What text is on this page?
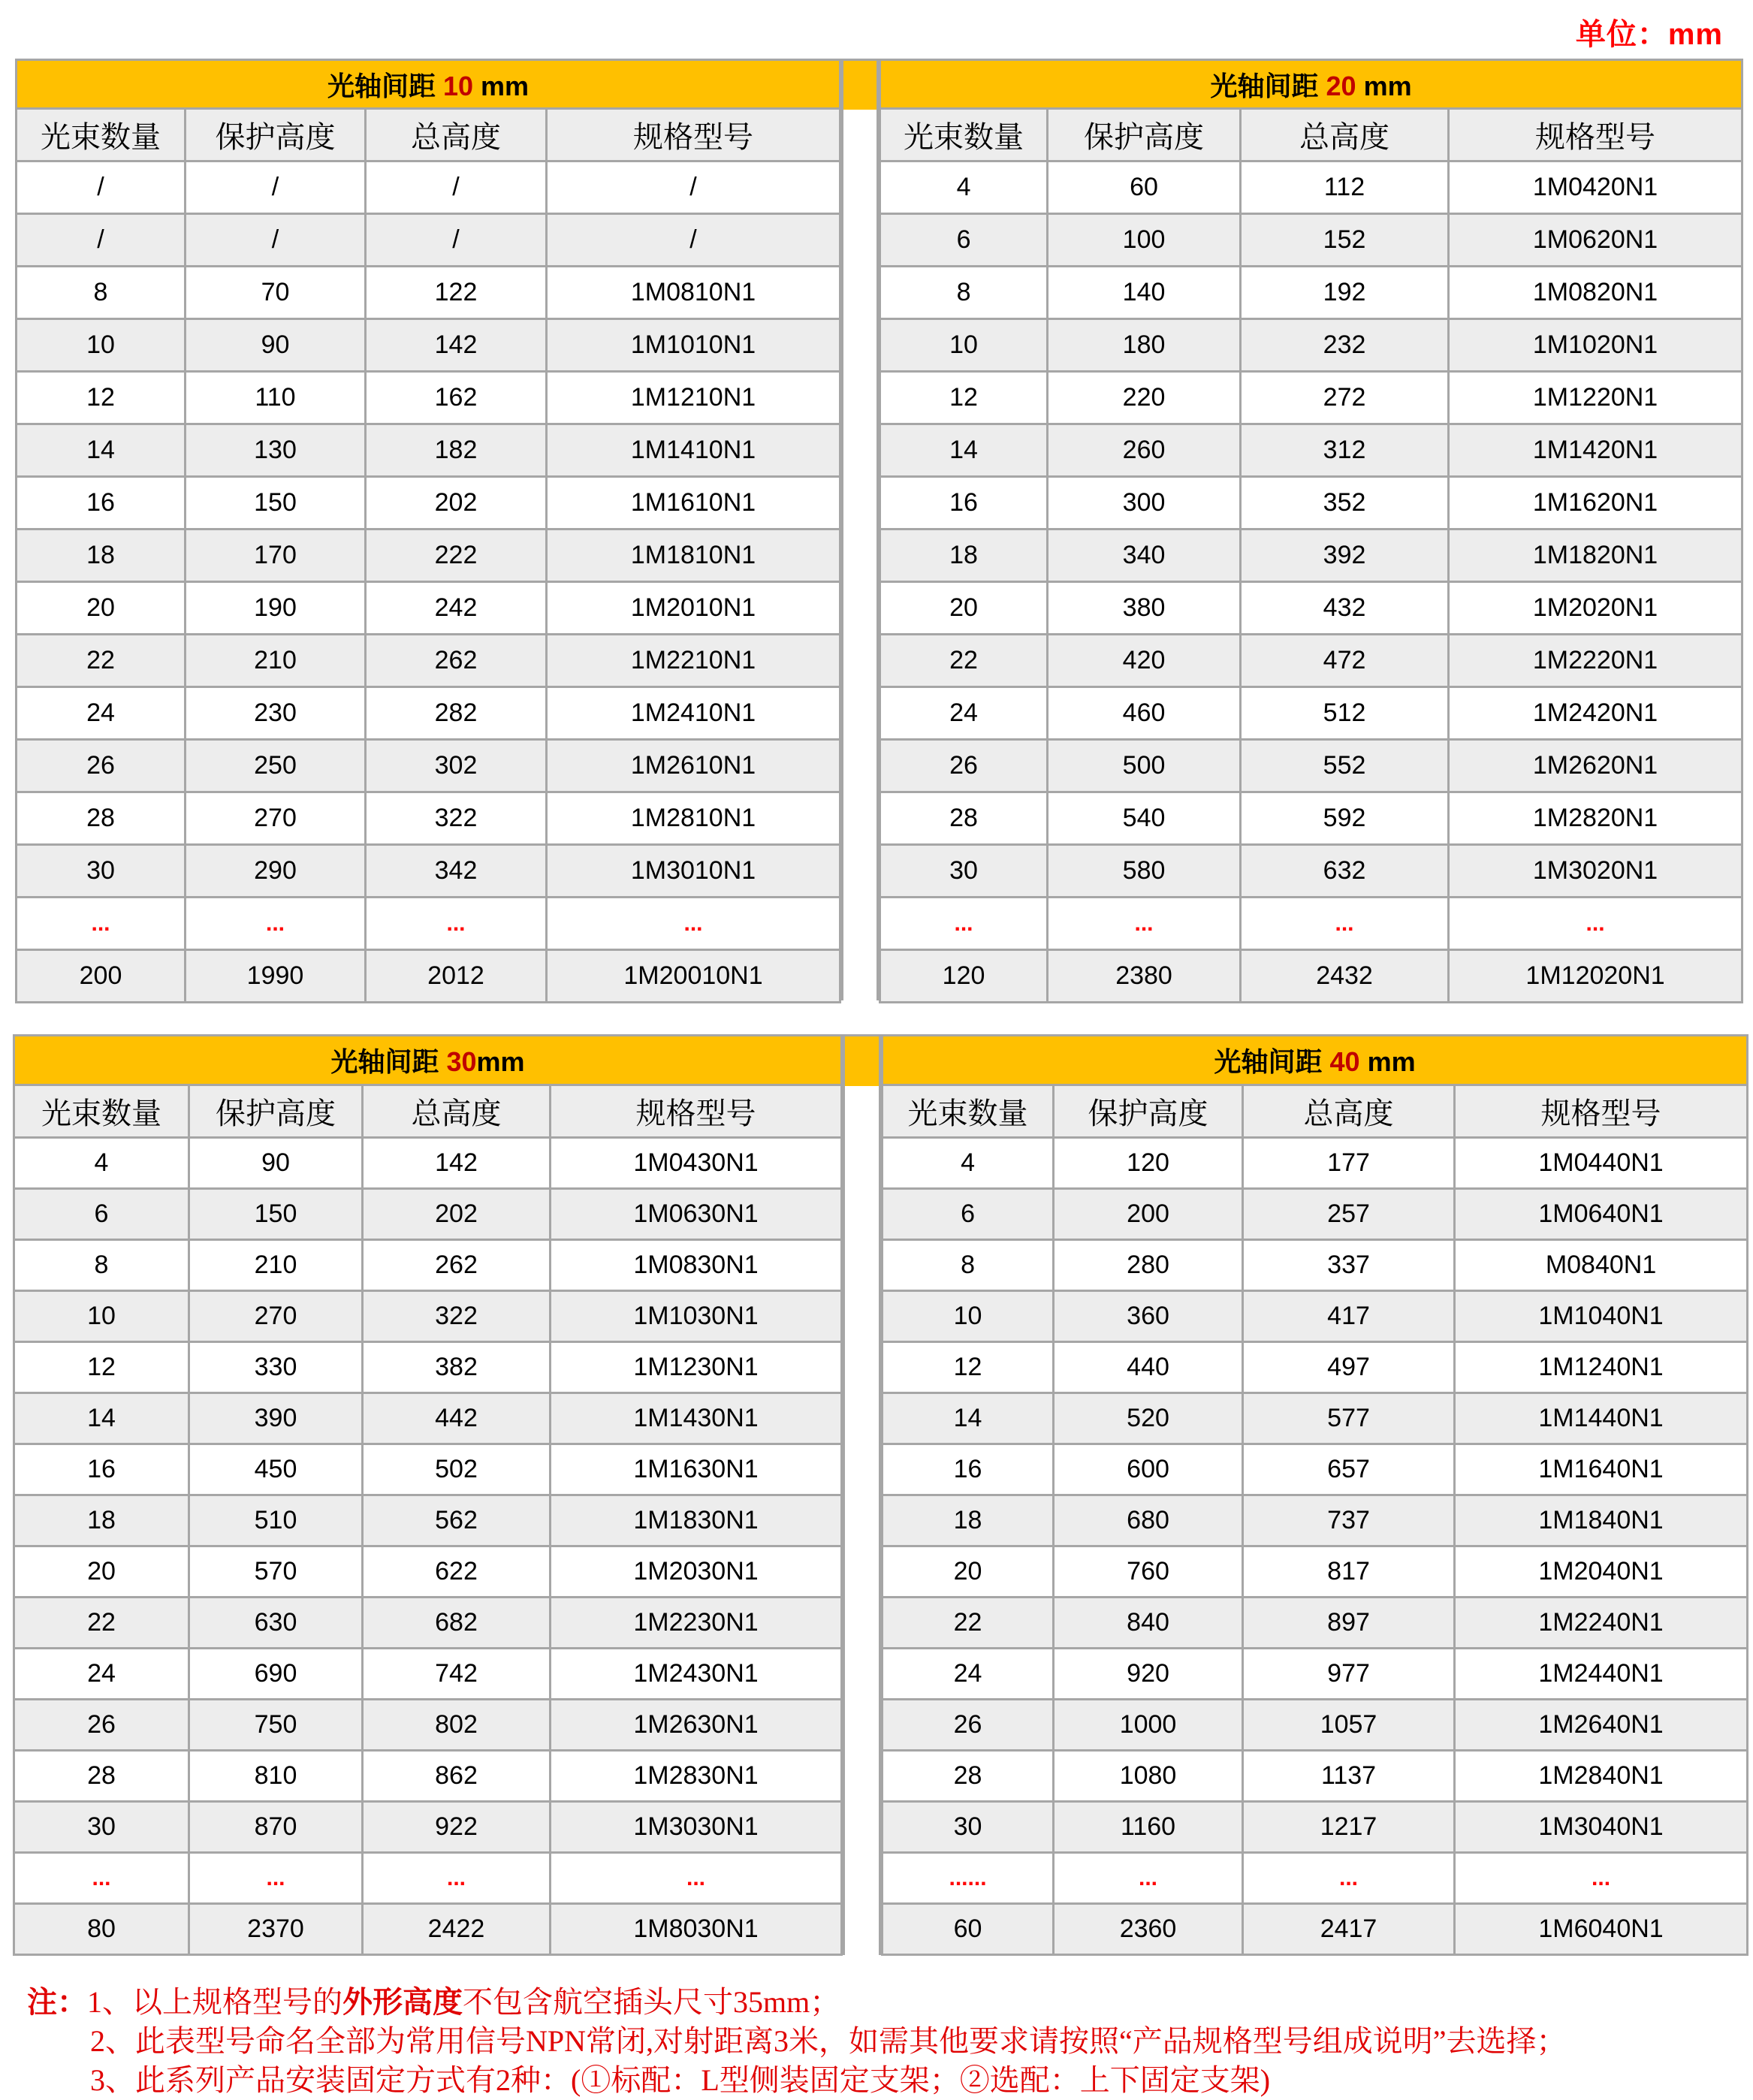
单位：mm
光轴间距 10 mm			
光束数量	保护高度	总高度	规格型号
/	/	/	/
/	/	/	/
8	70	122	1M0810N1
10	90	142	1M1010N1
12	110	162	1M1210N1
14	130	182	1M1410N1
16	150	202	1M1610N1
18	170	222	1M1810N1
20	190	242	1M2010N1
22	210	262	1M2210N1
24	230	282	1M2410N1
26	250	302	1M2610N1
28	270	322	1M2810N1
30	290	342	1M3010N1
...	...	...	...
200	1990	2012	1M20010N1
光轴间距 20 mm			
光束数量	保护高度	总高度	规格型号
4	60	112	1M0420N1
6	100	152	1M0620N1
8	140	192	1M0820N1
10	180	232	1M1020N1
12	220	272	1M1220N1
14	260	312	1M1420N1
16	300	352	1M1620N1
18	340	392	1M1820N1
20	380	432	1M2020N1
22	420	472	1M2220N1
24	460	512	1M2420N1
26	500	552	1M2620N1
28	540	592	1M2820N1
30	580	632	1M3020N1
...	...	...	...
120	2380	2432	1M12020N1
光轴间距 30mm			
光束数量	保护高度	总高度	规格型号
4	90	142	1M0430N1
6	150	202	1M0630N1
8	210	262	1M0830N1
10	270	322	1M1030N1
12	330	382	1M1230N1
14	390	442	1M1430N1
16	450	502	1M1630N1
18	510	562	1M1830N1
20	570	622	1M2030N1
22	630	682	1M2230N1
24	690	742	1M2430N1
26	750	802	1M2630N1
28	810	862	1M2830N1
30	870	922	1M3030N1
...	...	...	...
80	2370	2422	1M8030N1
光轴间距 40 mm			
光束数量	保护高度	总高度	规格型号
4	120	177	1M0440N1
6	200	257	1M0640N1
8	280	337	M0840N1
10	360	417	1M1040N1
12	440	497	1M1240N1
14	520	577	1M1440N1
16	600	657	1M1640N1
18	680	737	1M1840N1
20	760	817	1M2040N1
22	840	897	1M2240N1
24	920	977	1M2440N1
26	1000	1057	1M2640N1
28	1080	1137	1M2840N1
30	1160	1217	1M3040N1
......	...	...	...
60	2360	2417	1M6040N1
注：1、以上规格型号的外形高度不包含航空插头尺寸35mm；
2、此表型号命名全部为常用信号NPN常闭,对射距离3米，如需其他要求请按照“产品规格型号组成说明”去选择；
3、此系列产品安装固定方式有2种：(①标配：L型侧装固定支架；②选配：上下固定支架)
